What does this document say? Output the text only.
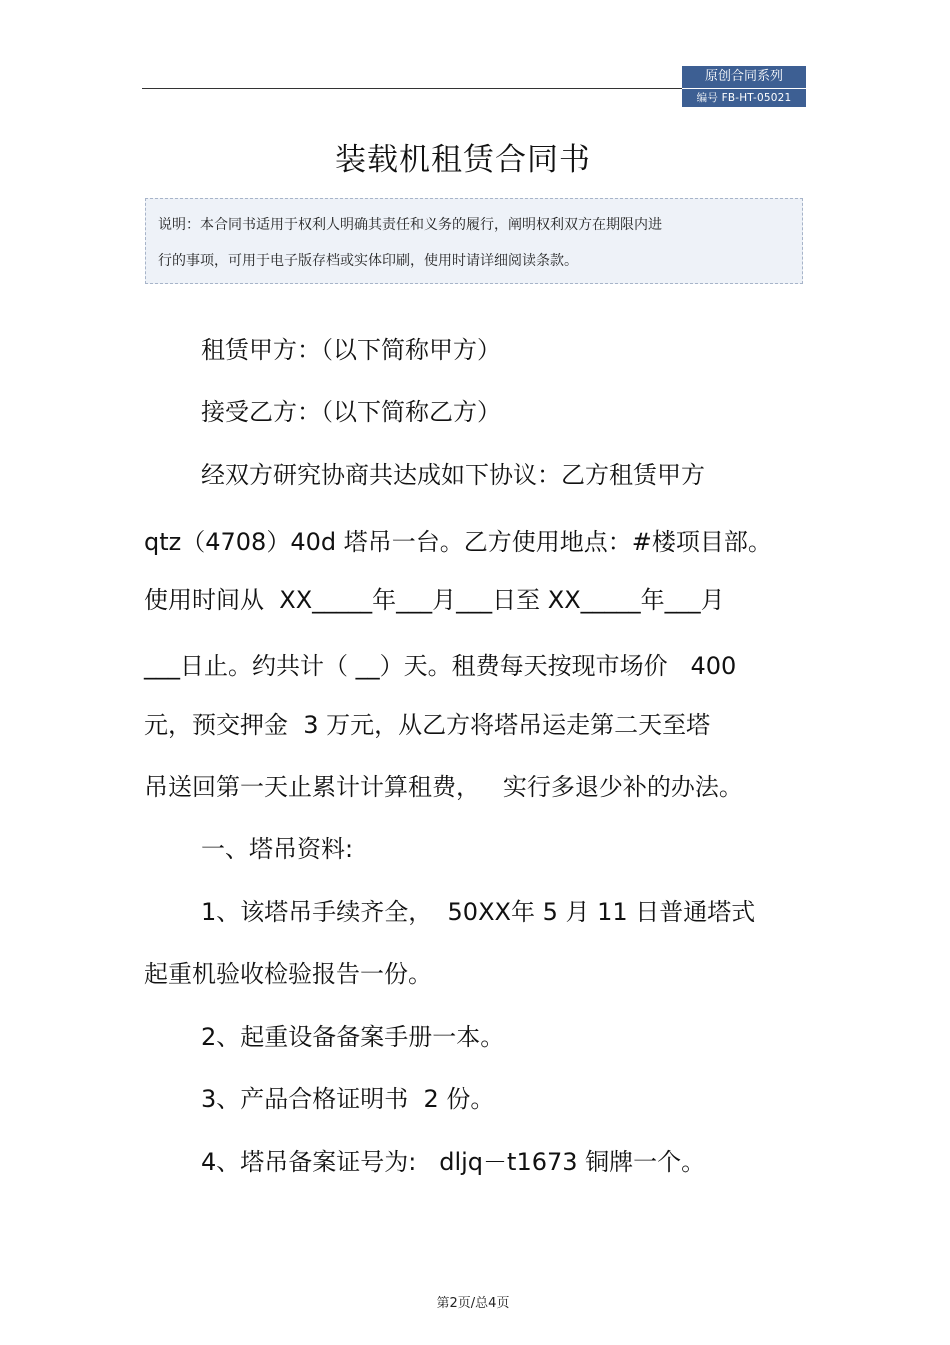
原创合同系列
编号 FB-HT-05021
装载机租赁合同书
说明：本合同书适用于权利人明确其责任和义务的履行，阐明权利双方在期限内进
行的事项，可用于电子版存档或实体印刷，使用时请详细阅读条款。
租赁甲方：（以下简称甲方）
接受乙方：（以下简称乙方）
经双方研究协商共达成如下协议：乙方租赁甲方
qtz（4708）40d 塔吊一台。乙方使用地点：#楼项目部。
使用时间从  XX_____年___月___日至 XX_____年___月
___日止。约共计（ __）天。租费每天按现市场价   400
元，预交押金  3 万元，从乙方将塔吊运走第二天至塔
吊送回第一天止累计计算租费，   实行多退少补的办法。
一、塔吊资料:
1、该塔吊手续齐全，  50XX年 5 月 11 日普通塔式
起重机验收检验报告一份。
2、起重设备备案手册一本。
3、产品合格证明书  2 份。
4、塔吊备案证号为:   dljq－t1673 铜牌一个。
第2页/总4页
